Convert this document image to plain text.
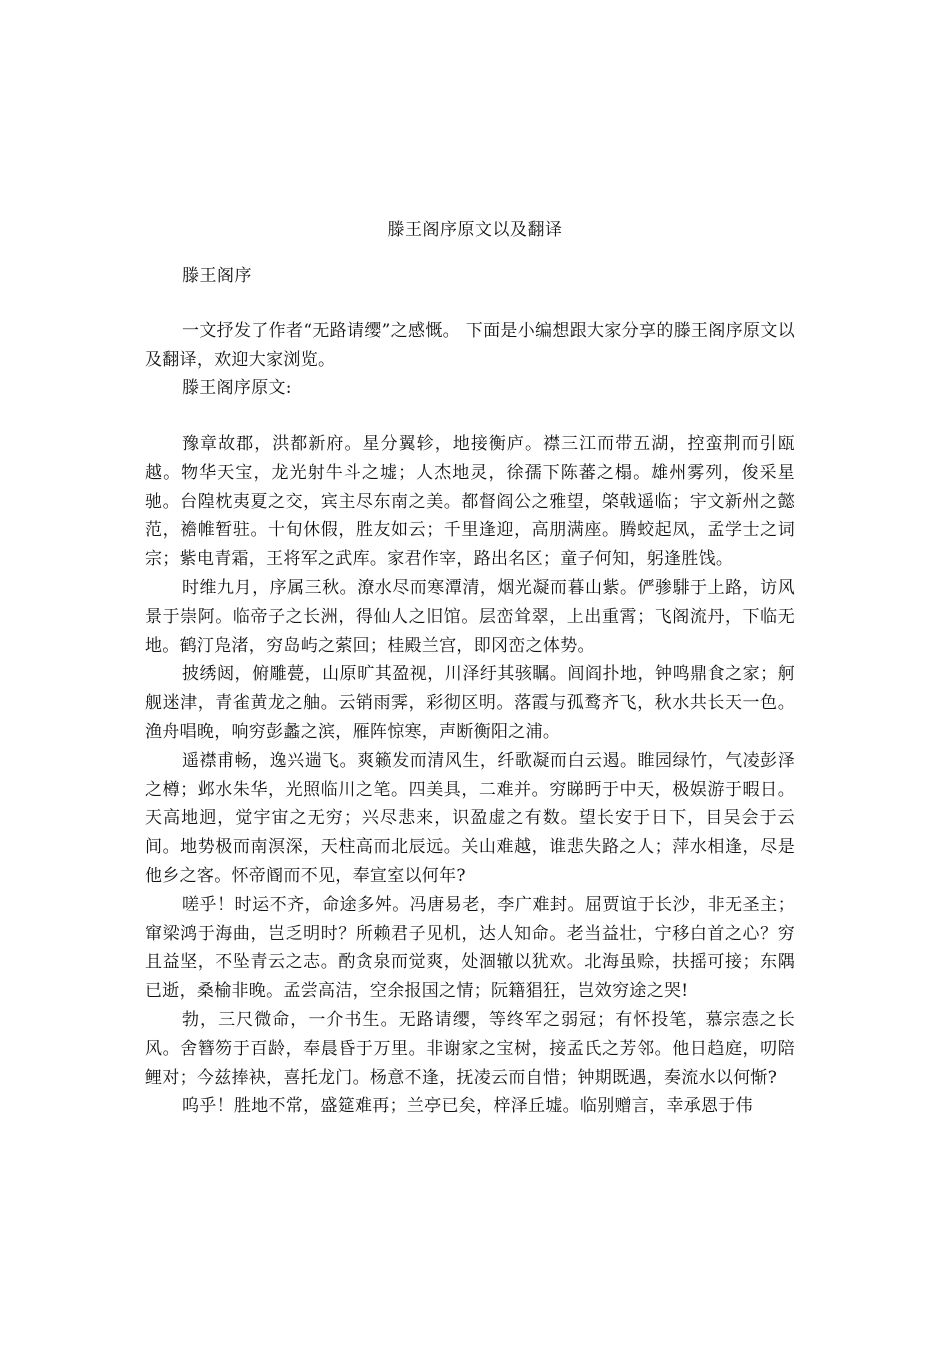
滕王阁序原文以及翻译
滕王阁序

一文抒发了作者“无路请缨”之感慨。 下面是小编想跟大家分享的滕王阁序原文以及翻译，欢迎大家浏览。

滕王阁序原文:

豫章故郡，洪都新府。星分翼轸，地接衡庐。襟三江而带五湖，控蛮荆而引瓯越。物华天宝，龙光射牛斗之墟；人杰地灵，徐孺下陈蕃之榻。雄州雾列，俊采星驰。台隍枕夷夏之交，宾主尽东南之美。都督阎公之雅望，棨戟遥临；宇文新州之懿范，襜帷暂驻。十旬休假，胜友如云；千里逢迎，高朋满座。腾蛟起凤，孟学士之词宗；紫电青霜，王将军之武库。家君作宰，路出名区；童子何知，躬逢胜饯。

时维九月，序属三秋。潦水尽而寒潭清，烟光凝而暮山紫。俨骖騑于上路，访风景于崇阿。临帝子之长洲，得仙人之旧馆。层峦耸翠，上出重霄；飞阁流丹，下临无地。鹤汀凫渚，穷岛屿之萦回；桂殿兰宫，即冈峦之体势。

披绣闼，俯雕甍，山原旷其盈视，川泽纡其骇瞩。闾阎扑地，钟鸣鼎食之家；舸舰迷津，青雀黄龙之舳。云销雨霁，彩彻区明。落霞与孤鹜齐飞，秋水共长天一色。渔舟唱晚，响穷彭蠡之滨，雁阵惊寒，声断衡阳之浦。

遥襟甫畅，逸兴遄飞。爽籁发而清风生，纤歌凝而白云遏。睢园绿竹，气凌彭泽之樽；邺水朱华，光照临川之笔。四美具，二难并。穷睇眄于中天，极娱游于暇日。天高地迥，觉宇宙之无穷；兴尽悲来，识盈虚之有数。望长安于日下，目吴会于云间。地势极而南溟深，天柱高而北辰远。关山难越，谁悲失路之人；萍水相逢，尽是他乡之客。怀帝阍而不见，奉宣室以何年?

嗟乎！时运不齐，命途多舛。冯唐易老，李广难封。屈贾谊于长沙，非无圣主；窜梁鸿于海曲，岂乏明时？所赖君子见机，达人知命。老当益壮，宁移白首之心？穷且益坚，不坠青云之志。酌贪泉而觉爽，处涸辙以犹欢。北海虽赊，扶摇可接；东隅已逝，桑榆非晚。孟尝高洁，空余报国之情；阮籍猖狂，岂效穷途之哭!

勃，三尺微命，一介书生。无路请缨，等终军之弱冠；有怀投笔，慕宗悫之长风。舍簪笏于百龄，奉晨昏于万里。非谢家之宝树，接孟氏之芳邻。他日趋庭，叨陪鲤对；今兹捧袂，喜托龙门。杨意不逢，抚凌云而自惜；钟期既遇，奏流水以何惭?

呜乎！胜地不常，盛筵难再；兰亭已矣，梓泽丘墟。临别赠言，幸承恩于伟
